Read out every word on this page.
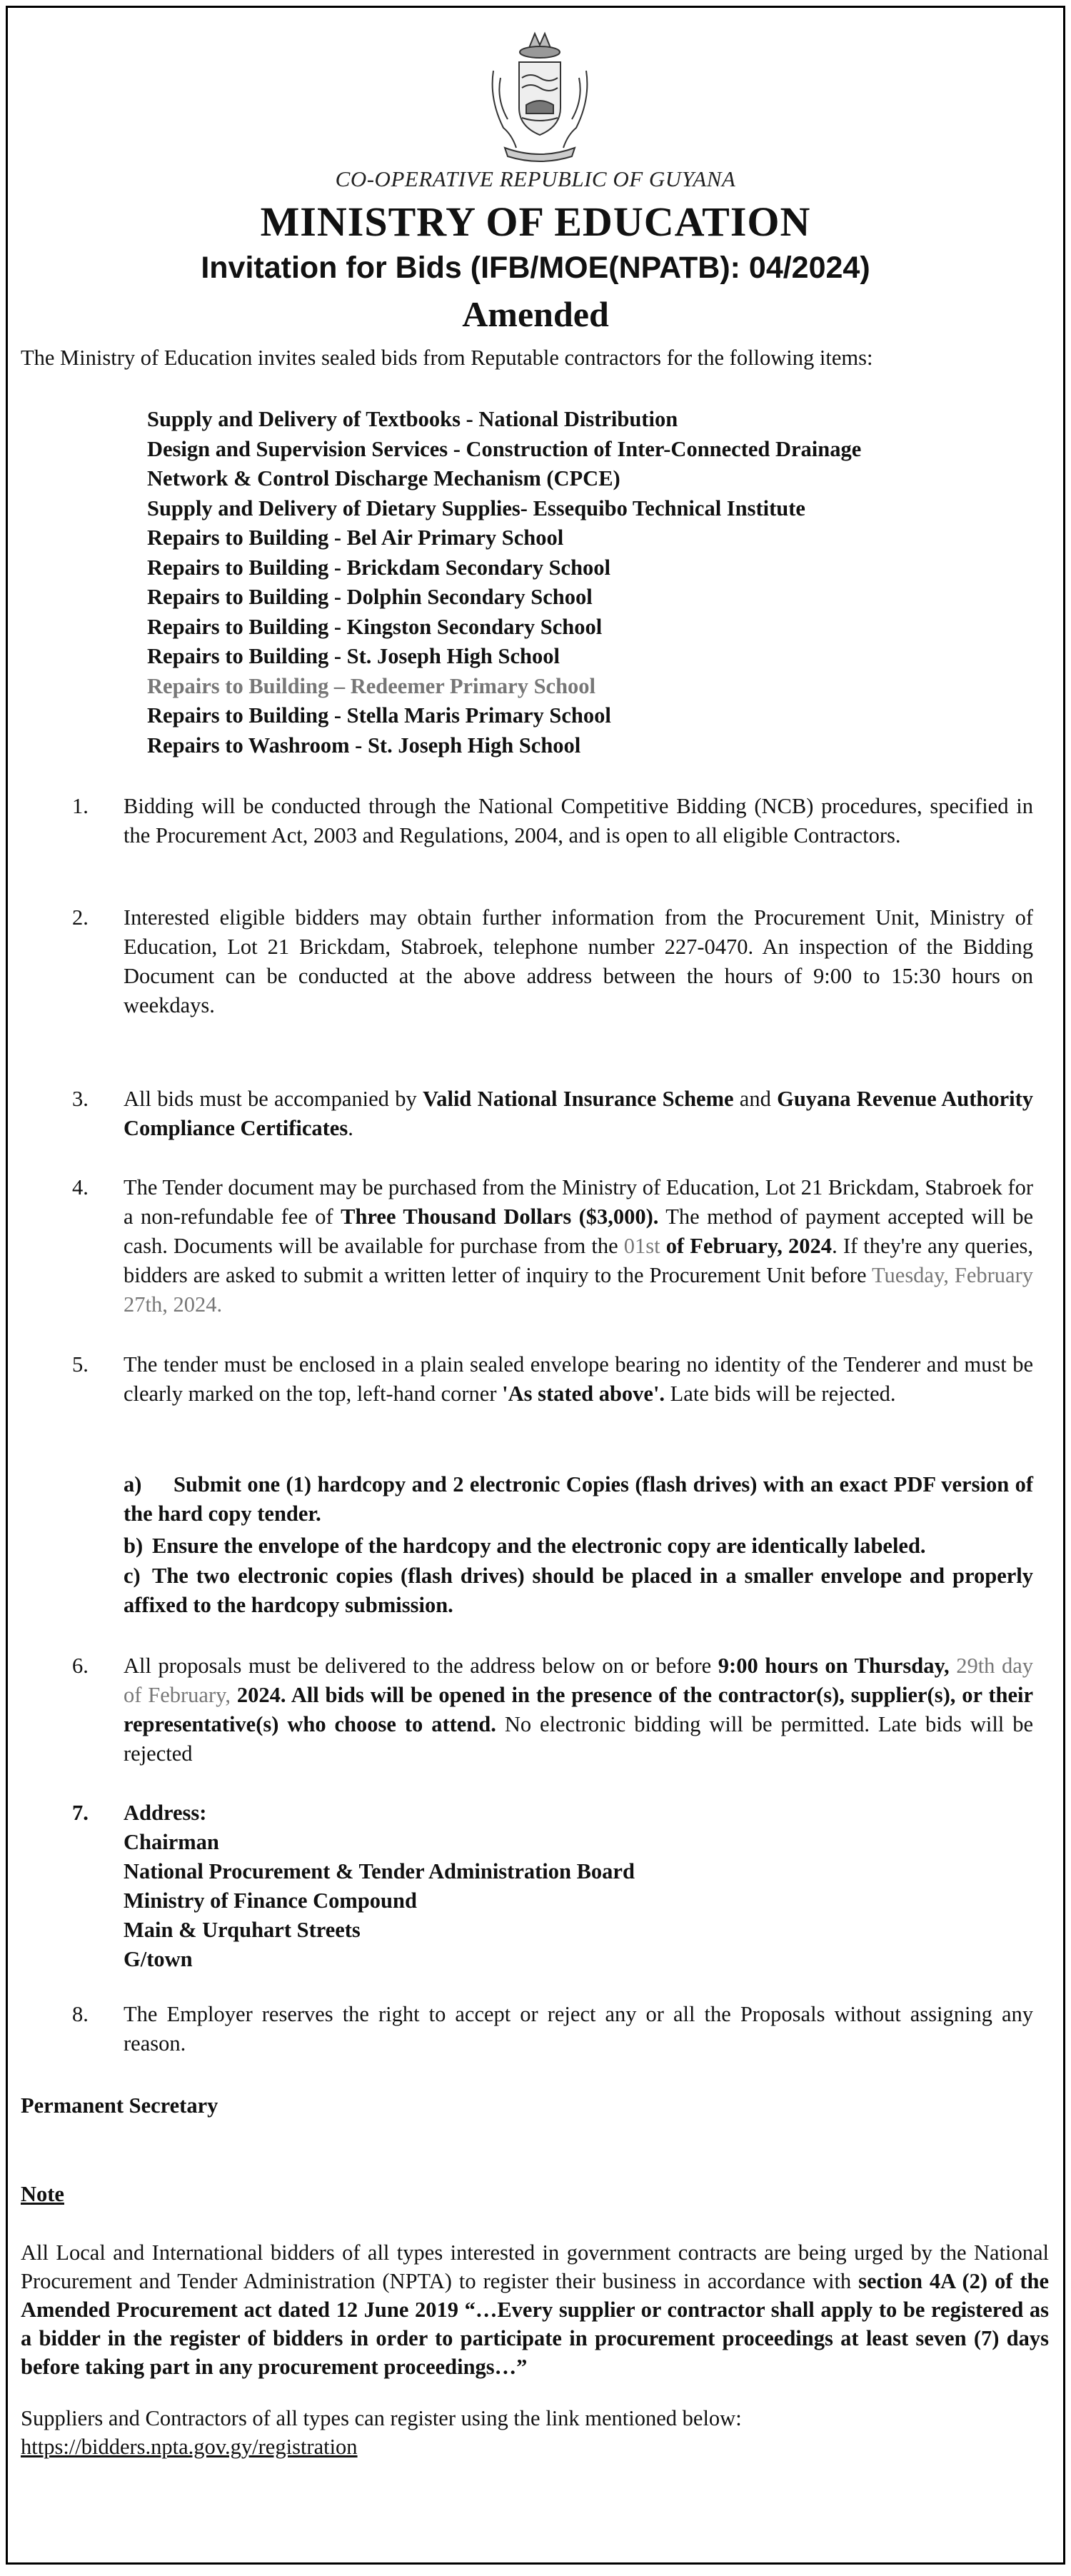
CO-OPERATIVE REPUBLIC OF GUYANA
MINISTRY OF EDUCATION
Invitation for Bids (IFB/MOE(NPATB): 04/2024)
Amended
The Ministry of Education invites sealed bids from Reputable contractors for the following items:
Supply and Delivery of Textbooks - National Distribution
Design and Supervision Services - Construction of Inter-Connected Drainage
Network & Control Discharge Mechanism (CPCE)
Supply and Delivery of Dietary Supplies- Essequibo Technical Institute
Repairs to Building - Bel Air Primary School
Repairs to Building - Brickdam Secondary School
Repairs to Building - Dolphin Secondary School
Repairs to Building - Kingston Secondary School
Repairs to Building - St. Joseph High School
Repairs to Building – Redeemer Primary School
Repairs to Building - Stella Maris Primary School
Repairs to Washroom - St. Joseph High School
1. Bidding will be conducted through the National Competitive Bidding (NCB) procedures, specified in the Procurement Act, 2003 and Regulations, 2004, and is open to all eligible Contractors.
2. Interested eligible bidders may obtain further information from the Procurement Unit, Ministry of Education, Lot 21 Brickdam, Stabroek, telephone number 227-0470. An inspection of the Bidding Document can be conducted at the above address between the hours of 9:00 to 15:30 hours on weekdays.
3. All bids must be accompanied by Valid National Insurance Scheme and Guyana Revenue Authority Compliance Certificates.
4. The Tender document may be purchased from the Ministry of Education, Lot 21 Brickdam, Stabroek for a non-refundable fee of Three Thousand Dollars ($3,000). The method of payment accepted will be cash. Documents will be available for purchase from the 01st of February, 2024. If they're any queries, bidders are asked to submit a written letter of inquiry to the Procurement Unit before Tuesday, February 27th, 2024.
5. The tender must be enclosed in a plain sealed envelope bearing no identity of the Tenderer and must be clearly marked on the top, left-hand corner 'As stated above'. Late bids will be rejected.
a) Submit one (1) hardcopy and 2 electronic Copies (flash drives) with an exact PDF version of the hard copy tender.
b) Ensure the envelope of the hardcopy and the electronic copy are identically labeled.
c) The two electronic copies (flash drives) should be placed in a smaller envelope and properly affixed to the hardcopy submission.
6. All proposals must be delivered to the address below on or before 9:00 hours on Thursday, 29th day of February, 2024. All bids will be opened in the presence of the contractor(s), supplier(s), or their representative(s) who choose to attend. No electronic bidding will be permitted. Late bids will be rejected
7. Address:
Chairman
National Procurement & Tender Administration Board
Ministry of Finance Compound
Main & Urquhart Streets
G/town
8. The Employer reserves the right to accept or reject any or all the Proposals without assigning any reason.
Permanent Secretary
Note
All Local and International bidders of all types interested in government contracts are being urged by the National Procurement and Tender Administration (NPTA) to register their business in accordance with section 4A (2) of the Amended Procurement act dated 12 June 2019 “…Every supplier or contractor shall apply to be registered as a bidder in the register of bidders in order to participate in procurement proceedings at least seven (7) days before taking part in any procurement proceedings…”
Suppliers and Contractors of all types can register using the link mentioned below:
https://bidders.npta.gov.gy/registration
